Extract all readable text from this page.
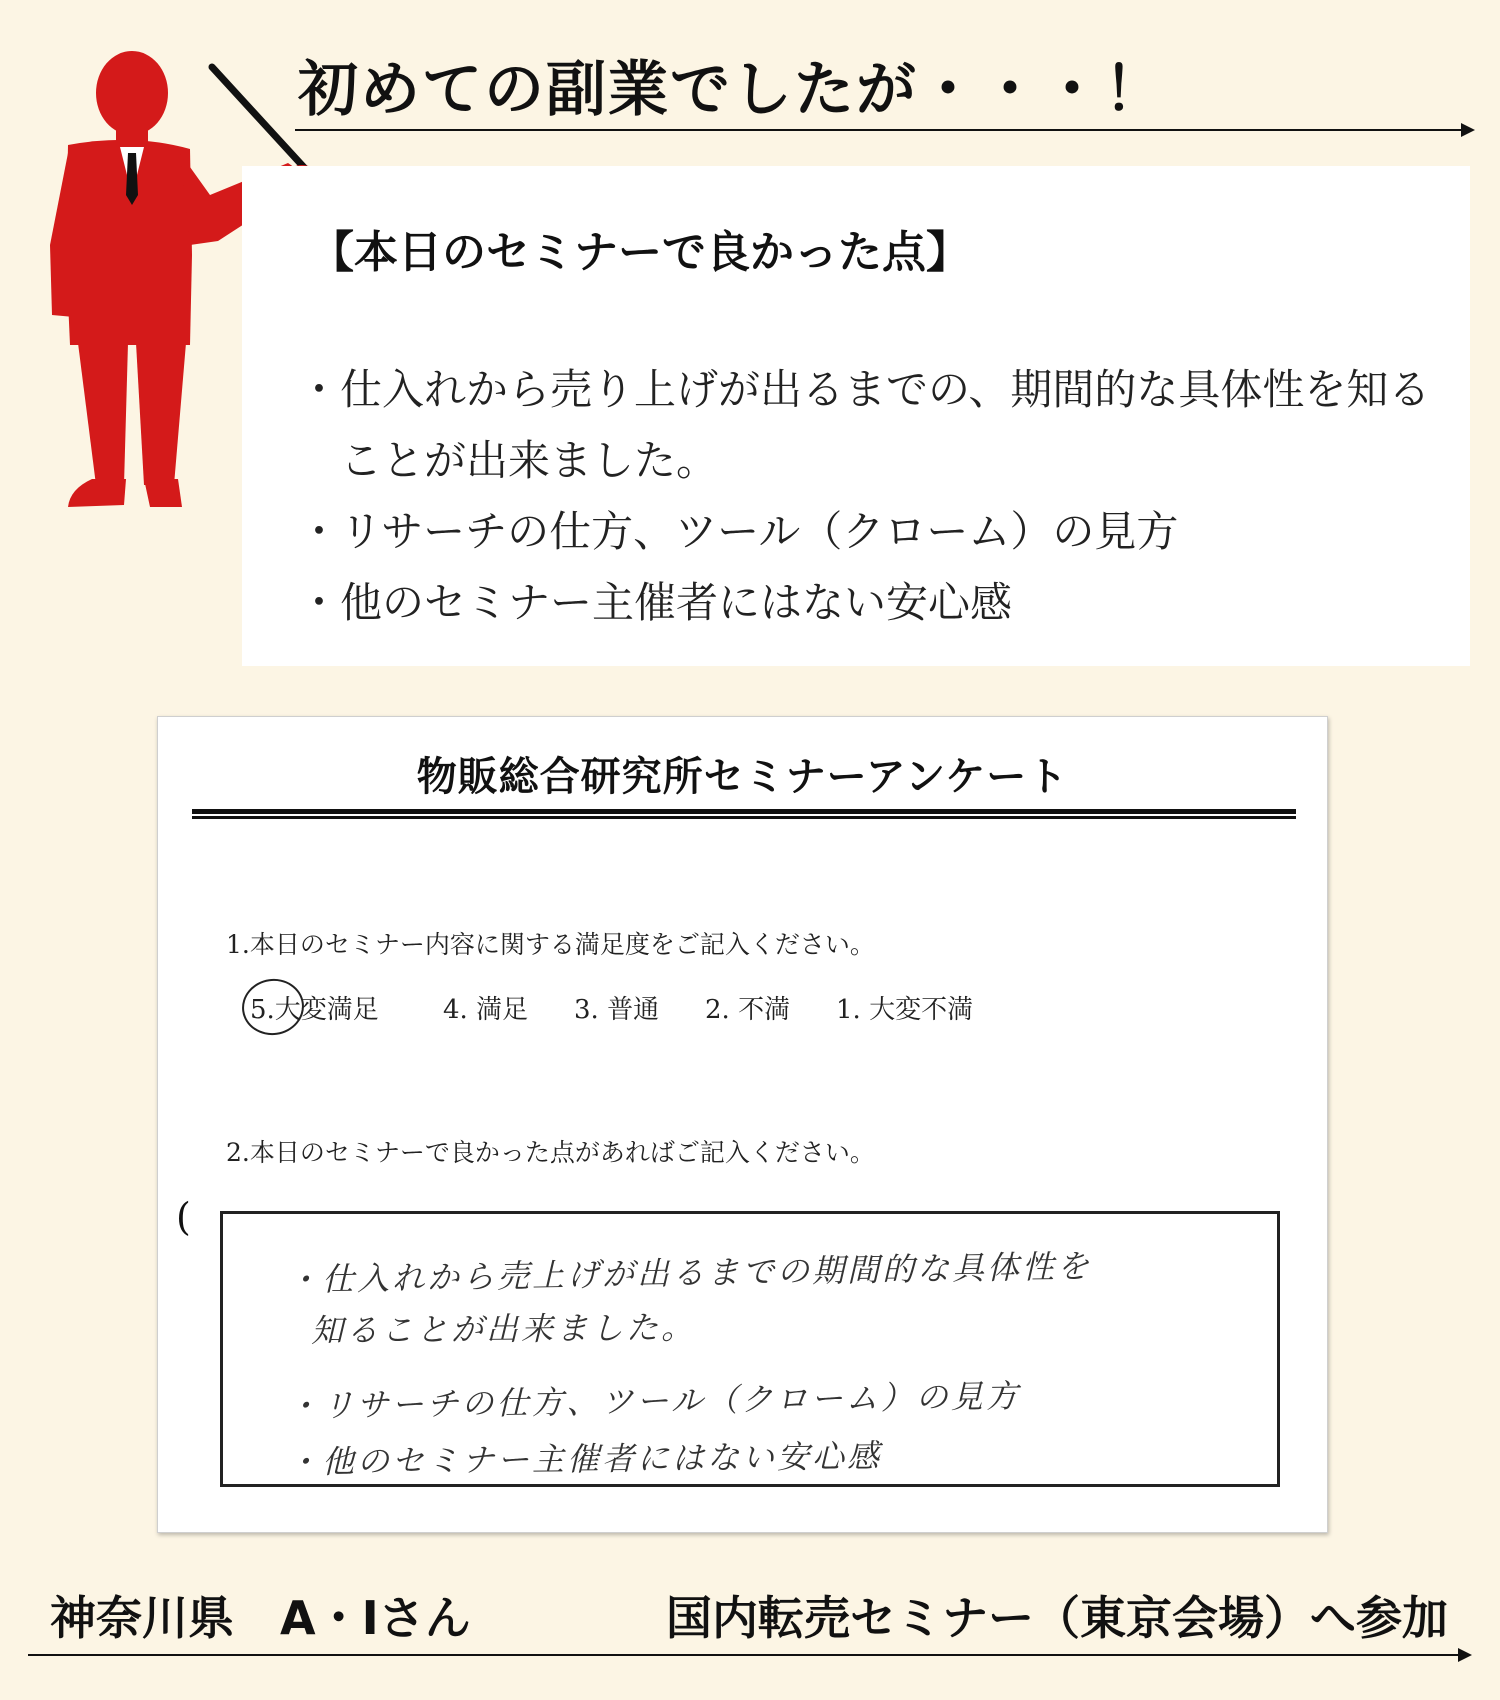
初めての副業でしたが・・・！
【本日のセミナーで良かった点】
・ 仕入れから売り上げが出るまでの、期間的な具体性を知ることが出来ました。
・ リサーチの仕方、ツール（クローム）の見方
・ 他のセミナー主催者にはない安心感
物販総合研究所セミナーアンケート
1.本日のセミナー内容に関する満足度をご記入ください。
5.大変満足 4. 満足 3. 普通 2. 不満 1. 大変不満
2.本日のセミナーで良かった点があればご記入ください。
(
・仕入れから売上げが出るまでの期間的な具体性を
知ることが出来ました。
・リサーチの仕方、ツール（クローム）の見方
・他のセミナー主催者にはない安心感
神奈川県　A・Iさん	国内転売セミナー（東京会場）へ参加
